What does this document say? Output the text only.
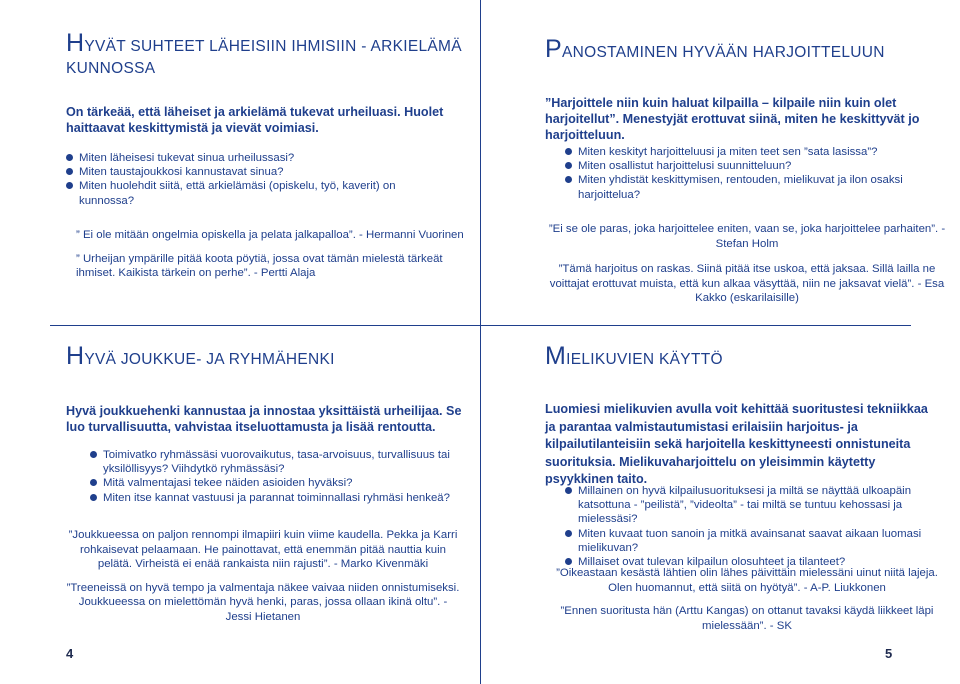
HYVÄT SUHTEET LÄHEISIIN IHMISIIN - ARKIELÄMÄ KUNNOSSA

On tärkeää, että läheiset ja arkielämä tukevat urheiluasi. Huolet haittaavat keskittymistä ja vievät voimiasi.

Miten läheisesi tukevat sinua urheilussasi?
Miten taustajoukkosi kannustavat sinua?
Miten huolehdit siitä, että arkielämäsi (opiskelu, työ, kaverit) on kunnossa?

” Ei ole mitään ongelmia opiskella ja pelata jalkapalloa”. - Hermanni Vuorinen

” Urheijan ympärille pitää koota pöytiä, jossa ovat tämän mielestä tärkeät ihmiset. Kaikista tärkein on perhe”. - Pertti Alaja

HYVÄ JOUKKUE- JA RYHMÄHENKI

Hyvä joukkuehenki kannustaa ja innostaa yksittäistä urheilijaa. Se luo turvallisuutta, vahvistaa itseluottamusta ja lisää rentoutta.

Toimivatko ryhmässäsi vuorovaikutus, tasa-arvoisuus, turvallisuus tai yksilöllisyys? Viihdytkö ryhmässäsi?
Mitä valmentajasi tekee näiden asioiden hyväksi?
Miten itse kannat vastuusi ja parannat toiminnallasi ryhmäsi henkeä?

”Joukkueessa on paljon rennompi ilmapiiri kuin viime kaudella. Pekka ja Karri rohkaisevat pelaamaan. He painottavat, että enemmän pitää nauttia kuin pelätä. Virheistä ei enää rankaista niin rajusti”. - Marko Kivenmäki

”Treeneissä on hyvä tempo ja valmentaja näkee vaivaa niiden onnistumiseksi. Joukkueessa on mielettömän hyvä henki, paras, jossa ollaan ikinä oltu”. - Jessi Hietanen

4
PANOSTAMINEN HYVÄÄN HARJOITTELUUN

”Harjoittele niin kuin haluat kilpailla – kilpaile niin kuin olet harjoitellut”. Menestyjät erottuvat siinä, miten he keskittyvät jo harjoitteluun.

Miten keskityt harjoitteluusi ja miten teet sen ”sata lasissa”?
Miten osallistut harjoittelusi suunnitteluun?
Miten yhdistät keskittymisen, rentouden, mielikuvat ja ilon osaksi harjoittelua?

”Ei se ole paras, joka harjoittelee eniten, vaan se, joka harjoittelee parhaiten”. - Stefan Holm

”Tämä harjoitus on raskas. Siinä pitää itse uskoa, että jaksaa. Sillä lailla ne voittajat erottuvat muista, että kun alkaa väsyttää, niin ne jaksavat vielä”. - Esa Kakko (eskarilaisille)

MIELIKUVIEN KÄYTTÖ

Luomiesi mielikuvien avulla voit kehittää suoritustesi tekniikkaa ja parantaa valmistautumistasi erilaisiin harjoitus- ja kilpailutilanteisiin sekä harjoitella keskittyneesti onnistuneita suorituksia. Mielikuvaharjoittelu on yleisimmin käytetty psyykkinen taito.

Millainen on hyvä kilpailusuorituksesi ja miltä se näyttää ulkoapäin katsottuna - ”peilistä”, ”videolta” - tai miltä se tuntuu kehossasi ja mielessäsi?
Miten kuvaat tuon sanoin ja mitkä avainsanat saavat aikaan luomasi mielikuvan?
Millaiset ovat tulevan kilpailun olosuhteet ja tilanteet?

”Oikeastaan kesästä lähtien olin lähes päivittäin mielessäni uinut niitä lajeja. Olen huomannut, että siitä on hyötyä”. - A-P. Liukkonen

”Ennen suoritusta hän (Arttu Kangas) on ottanut tavaksi käydä liikkeet läpi mielessään”. - SK

5
